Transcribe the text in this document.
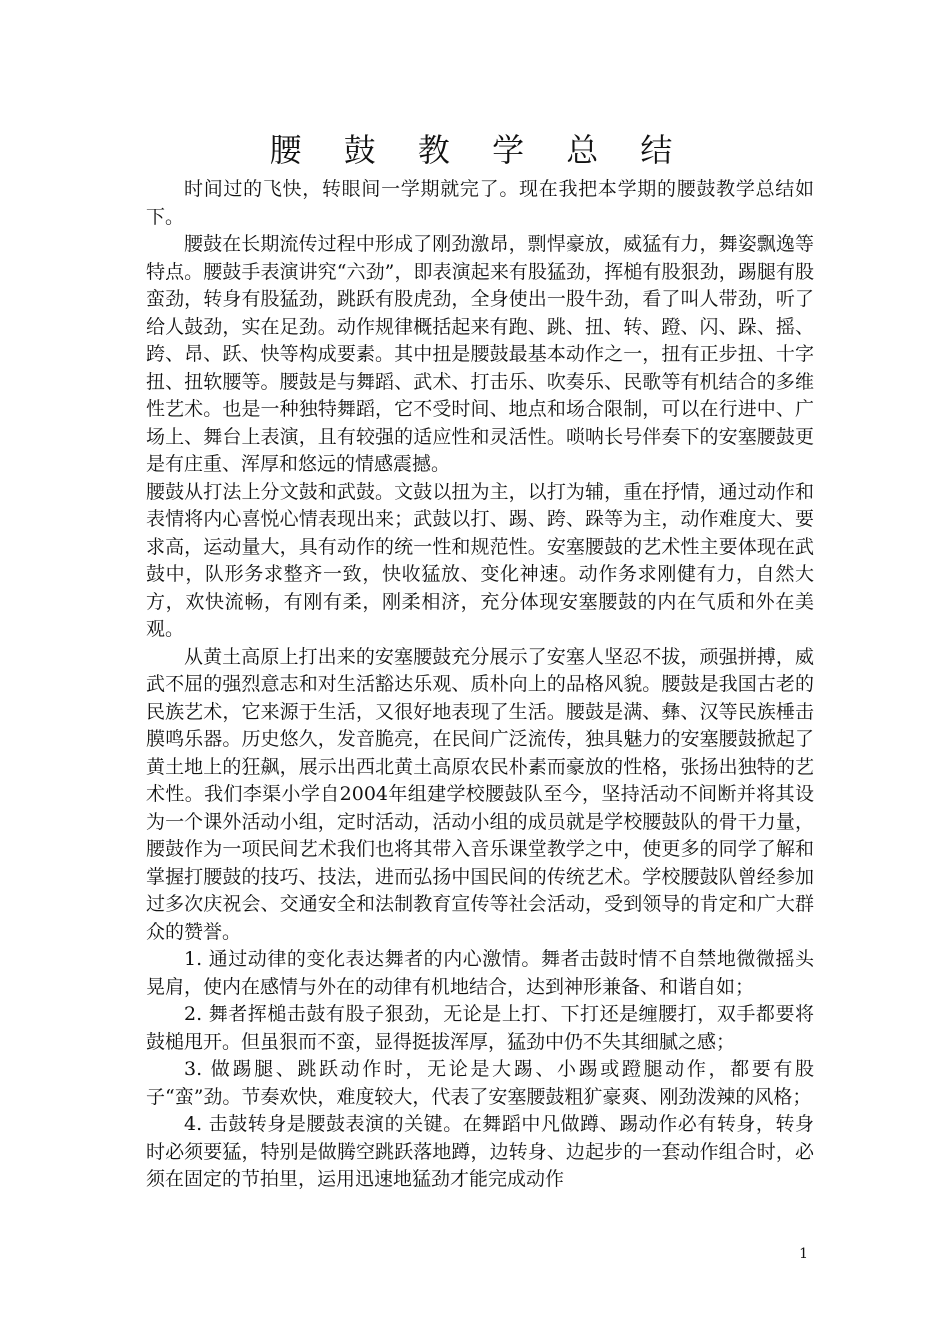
腰 鼓 教 学 总 结

时间过的飞快，转眼间一学期就完了。现在我把本学期的腰鼓教学总结如下。

腰鼓在长期流传过程中形成了刚劲激昂，剽悍豪放，威猛有力，舞姿飘逸等特点。腰鼓手表演讲究“六劲”，即表演起来有股猛劲，挥槌有股狠劲，踢腿有股蛮劲，转身有股猛劲，跳跃有股虎劲，全身使出一股牛劲，看了叫人带劲，听了给人鼓劲，实在足劲。动作规律概括起来有跑、跳、扭、转、蹬、闪、跺、摇、跨、昂、跃、快等构成要素。其中扭是腰鼓最基本动作之一，扭有正步扭、十字扭、扭软腰等。腰鼓是与舞蹈、武术、打击乐、吹奏乐、民歌等有机结合的多维性艺术。也是一种独特舞蹈，它不受时间、地点和场合限制，可以在行进中、广场上、舞台上表演，且有较强的适应性和灵活性。唢呐长号伴奏下的安塞腰鼓更是有庄重、浑厚和悠远的情感震撼。

腰鼓从打法上分文鼓和武鼓。文鼓以扭为主，以打为辅，重在抒情，通过动作和表情将内心喜悦心情表现出来；武鼓以打、踢、跨、跺等为主，动作难度大、要求高，运动量大，具有动作的统一性和规范性。安塞腰鼓的艺术性主要体现在武鼓中，队形务求整齐一致，快收猛放、变化神速。动作务求刚健有力，自然大方，欢快流畅，有刚有柔，刚柔相济，充分体现安塞腰鼓的内在气质和外在美观。

从黄土高原上打出来的安塞腰鼓充分展示了安塞人坚忍不拔，顽强拼搏，威武不屈的强烈意志和对生活豁达乐观、质朴向上的品格风貌。腰鼓是我国古老的民族艺术，它来源于生活，又很好地表现了生活。腰鼓是满、彝、汉等民族棰击膜鸣乐器。历史悠久，发音脆亮，在民间广泛流传，独具魅力的安塞腰鼓掀起了黄土地上的狂飙，展示出西北黄土高原农民朴素而豪放的性格，张扬出独特的艺术性。我们李渠小学自2004年组建学校腰鼓队至今，坚持活动不间断并将其设为一个课外活动小组，定时活动，活动小组的成员就是学校腰鼓队的骨干力量，腰鼓作为一项民间艺术我们也将其带入音乐课堂教学之中，使更多的同学了解和掌握打腰鼓的技巧、技法，进而弘扬中国民间的传统艺术。学校腰鼓队曾经参加过多次庆祝会、交通安全和法制教育宣传等社会活动，受到领导的肯定和广大群众的赞誉。

1. 通过动律的变化表达舞者的内心激情。舞者击鼓时情不自禁地微微摇头晃肩，使内在感情与外在的动律有机地结合，达到神形兼备、和谐自如；

2. 舞者挥槌击鼓有股子狠劲，无论是上打、下打还是缠腰打，双手都要将鼓槌甩开。但虽狠而不蛮，显得挺拔浑厚，猛劲中仍不失其细腻之感；

3. 做踢腿、跳跃动作时，无论是大踢、小踢或蹬腿动作，都要有股子“蛮”劲。节奏欢快，难度较大，代表了安塞腰鼓粗犷豪爽、刚劲泼辣的风格；

4. 击鼓转身是腰鼓表演的关键。在舞蹈中凡做蹲、踢动作必有转身，转身时必须要猛，特别是做腾空跳跃落地蹲，边转身、边起步的一套动作组合时，必须在固定的节拍里，运用迅速地猛劲才能完成动作

1
